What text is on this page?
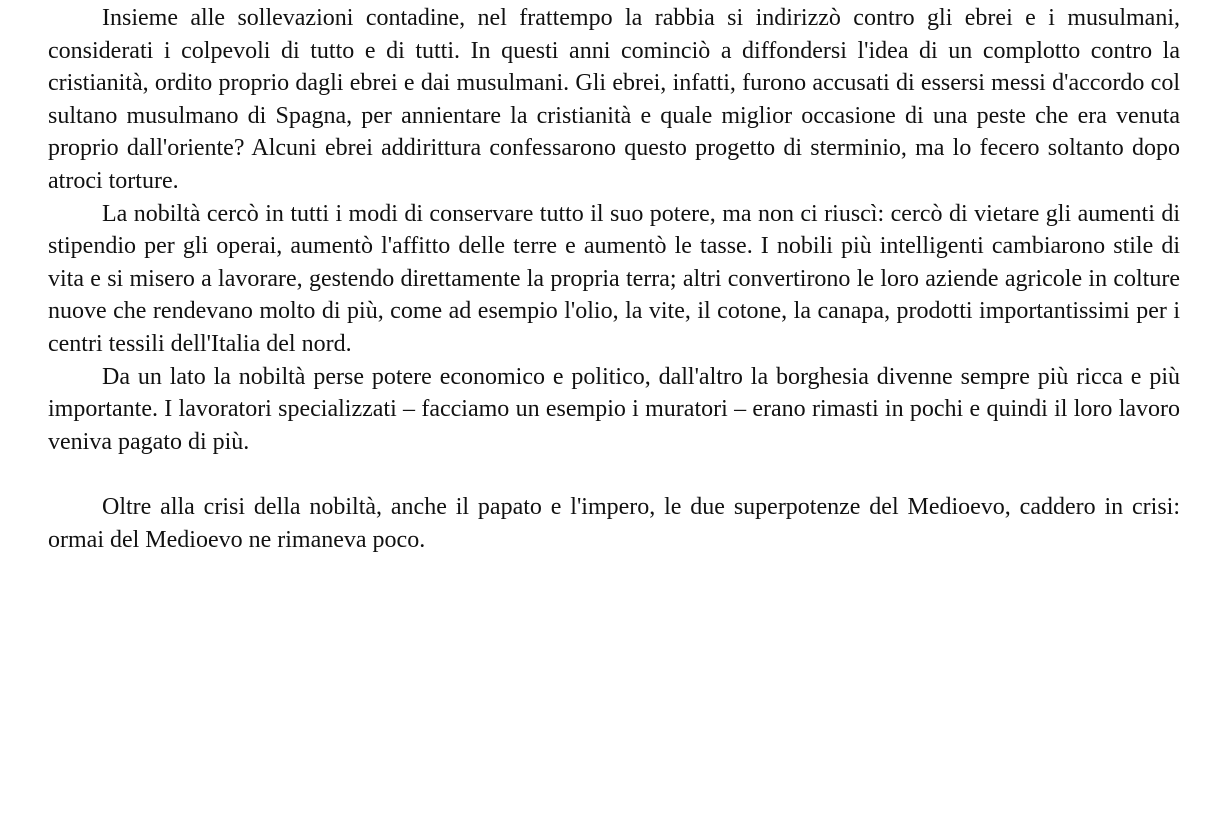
Insieme alle sollevazioni contadine, nel frattempo la rabbia si indirizzò contro gli ebrei e i musulmani, considerati i colpevoli di tutto e di tutti. In questi anni cominciò a diffondersi l'idea di un complotto contro la cristianità, ordito proprio dagli ebrei e dai musulmani. Gli ebrei, infatti, furono accusati di essersi messi d'accordo col sultano musulmano di Spagna, per annientare la cristianità e quale miglior occasione di una peste che era venuta proprio dall'oriente? Alcuni ebrei addirittura confessarono questo progetto di sterminio, ma lo fecero soltanto dopo atroci torture.

La nobiltà cercò in tutti i modi di conservare tutto il suo potere, ma non ci riuscì: cercò di vietare gli aumenti di stipendio per gli operai, aumentò l'affitto delle terre e aumentò le tasse. I nobili più intelligenti cambiarono stile di vita e si misero a lavorare, gestendo direttamente la propria terra; altri convertirono le loro aziende agricole in colture nuove che rendevano molto di più, come ad esempio l'olio, la vite, il cotone, la canapa, prodotti importantissimi per i centri tessili dell'Italia del nord.

Da un lato la nobiltà perse potere economico e politico, dall'altro la borghesia divenne sempre più ricca e più importante. I lavoratori specializzati – facciamo un esempio i muratori – erano rimasti in pochi e quindi il loro lavoro veniva pagato di più.

Oltre alla crisi della nobiltà, anche il papato e l'impero, le due superpotenze del Medioevo, caddero in crisi: ormai del Medioevo ne rimaneva poco.
